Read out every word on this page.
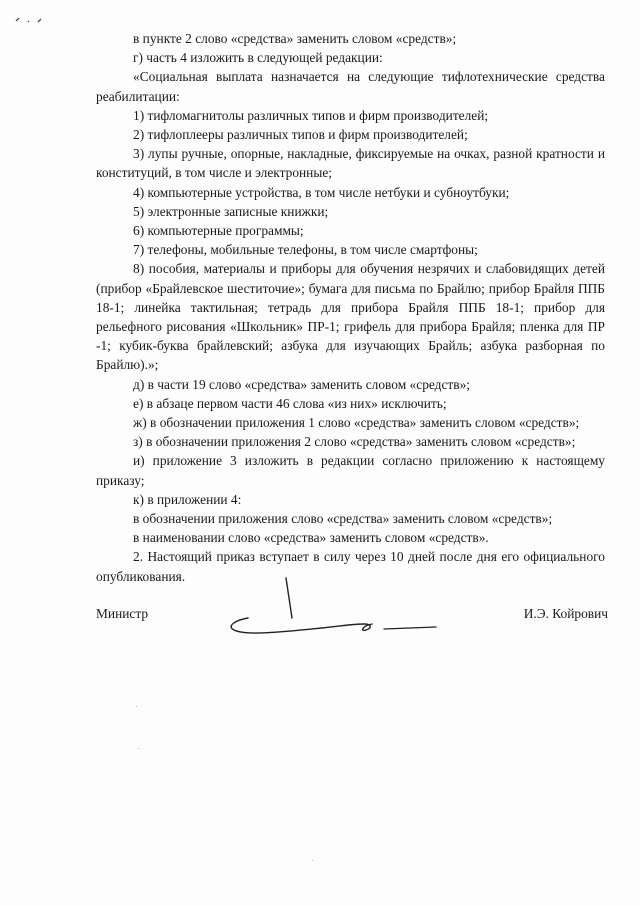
в пункте 2 слово «средства» заменить словом «средств»;

г) часть 4 изложить в следующей редакции:

«Социальная выплата назначается на следующие тифлотехнические средства реабилитации:

1) тифломагнитолы различных типов и фирм производителей;

2) тифлоплееры различных типов и фирм производителей;

3) лупы ручные, опорные, накладные, фиксируемые на очках, разной кратности и конституций, в том числе и электронные;

4) компьютерные устройства, в том числе нетбуки и субноутбуки;

5) электронные записные книжки;

6) компьютерные программы;

7) телефоны, мобильные телефоны, в том числе смартфоны;

8) пособия, материалы и приборы для обучения незрячих и слабовидящих детей (прибор «Брайлевское шеститочие»; бумага для письма по Брайлю; прибор Брайля ППБ 18-1; линейка тактильная; тетрадь для прибора Брайля ППБ 18-1; прибор для рельефного рисования «Школьник» ПР-1; грифель для прибора Брайля; пленка для ПР -1; кубик-буква брайлевский; азбука для изучающих Брайль; азбука разборная по Брайлю).»;

д) в части 19 слово «средства» заменить словом «средств»;

е) в абзаце первом части 46 слова «из них» исключить;

ж) в обозначении приложения 1 слово «средства» заменить словом «средств»;

з) в обозначении приложения 2 слово «средства» заменить словом «средств»;

и) приложение 3 изложить в редакции согласно приложению к настоящему приказу;

к) в приложении 4:

в обозначении приложения слово «средства» заменить словом «средств»;

в наименовании слово «средства» заменить словом «средств».

2. Настоящий приказ вступает в силу через 10 дней после дня его официального опубликования.

Министр	И.Э. Койрович
